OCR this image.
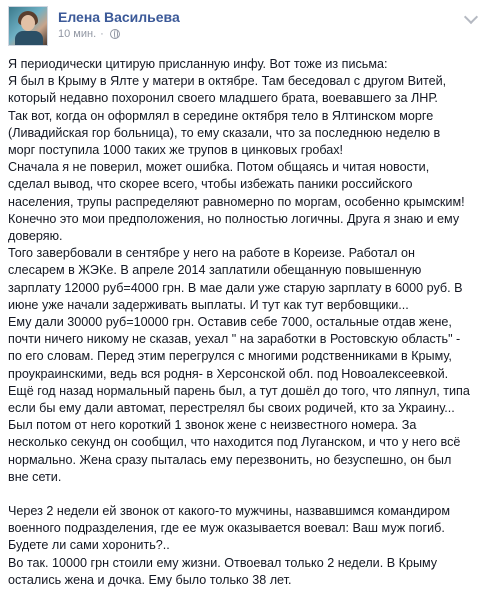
Елена Васильева
10 мин. ·

Я периодически цитирую присланную инфу. Вот тоже из письма:

Я был в Крыму в Ялте у матери в октябре. Там беседовал с другом Витей,

который недавно похоронил своего младшего брата, воевавшего за ЛНР.

Так вот, когда он оформлял в середине октября тело в Ялтинском морге

(Ливадийская гор больница), то ему сказали, что за последнюю неделю в

морг поступила 1000 таких же трупов в цинковых гробах!

Сначала я не поверил, может ошибка. Потом общаясь и читая новости,

сделал вывод, что скорее всего, чтобы избежать паники российского

населения, трупы распределяют равномерно по моргам, особенно крымским!

Конечно это мои предположения, но полностью логичны. Друга я знаю и ему

доверяю.

Того завербовали в сентябре у него на работе в Кореизе. Работал он

слесарем в ЖЭКе. В апреле 2014 заплатили обещанную повышенную

зарплату 12000 руб=4000 грн. В мае дали уже старую зарплату в 6000 руб. В

июне уже начали задерживать выплаты. И тут как тут вербовщики...

Ему дали 30000 руб=10000 грн. Оставив себе 7000, остальные отдав жене,

почти ничего никому не сказав, уехал " на заработки в Ростовскую область" -

по его словам. Перед этим перегрулся с многими родственниками в Крыму,

проукраинскими, ведь вся родня- в Херсонской обл. под Новоалексеевкой.

Ещё год назад нормальный парень был, а тут дошёл до того, что ляпнул, типа

если бы ему дали автомат, перестрелял бы своих родичей, кто за Украину...

Был потом от него короткий 1 звонок жене с неизвестного номера. За

несколько секунд он сообщил, что находится под Луганском, и что у него всё

нормально. Жена сразу пыталась ему перезвонить, но безуспешно, он был

вне сети.

Через 2 недели ей звонок от какого-то мужчины, назвавшимся командиром

военного подразделения, где ее муж оказывается воевал: Ваш муж погиб.

Будете ли сами хоронить?..

Во так. 10000 грн стоили ему жизни. Отвоевал только 2 недели. В Крыму

остались жена и дочка. Ему было только 38 лет.
